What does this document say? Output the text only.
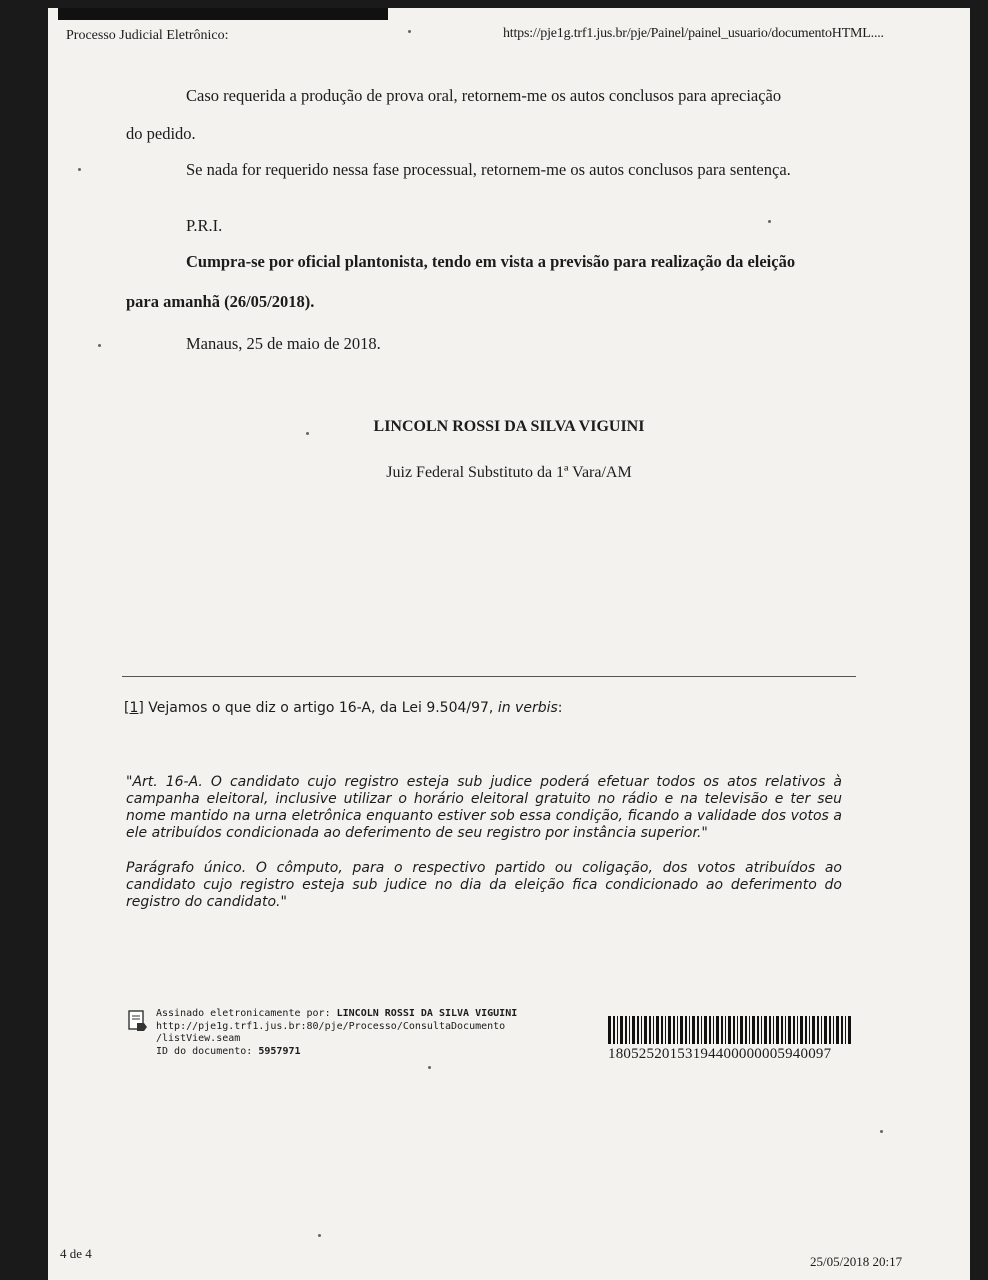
Processo Judicial Eletrônico:	https://pje1g.trf1.jus.br/pje/Painel/painel_usuario/documentoHTML....
Caso requerida a produção de prova oral, retornem-me os autos conclusos para apreciação
do pedido.
Se nada for requerido nessa fase processual, retornem-me os autos conclusos para sentença.
P.R.I.
Cumpra-se por oficial plantonista, tendo em vista a previsão para realização da eleição
para amanhã (26/05/2018).
Manaus, 25 de maio de 2018.
LINCOLN ROSSI DA SILVA VIGUINI
Juiz Federal Substituto da 1ª Vara/AM
[1] Vejamos o que diz o artigo 16-A, da Lei 9.504/97, in verbis:
"Art. 16-A. O candidato cujo registro esteja sub judice poderá efetuar todos os atos relativos à campanha eleitoral, inclusive utilizar o horário eleitoral gratuito no rádio e na televisão e ter seu nome mantido na urna eletrônica enquanto estiver sob essa condição, ficando a validade dos votos a ele atribuídos condicionada ao deferimento de seu registro por instância superior."
Parágrafo único. O cômputo, para o respectivo partido ou coligação, dos votos atribuídos ao candidato cujo registro esteja sub judice no dia da eleição fica condicionado ao deferimento do registro do candidato."
Assinado eletronicamente por: LINCOLN ROSSI DA SILVA VIGUINI
http://pje1g.trf1.jus.br:80/pje/Processo/ConsultaDocumento
/listView.seam
ID do documento: 5957971	18052520153194400000005940097
4 de 4
25/05/2018 20:17
